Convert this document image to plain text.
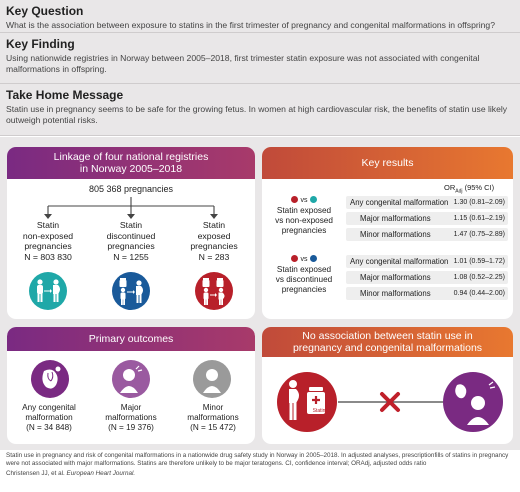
Key Question

What is the association between exposure to statins in the first trimester of pregnancy and congenital malformations in offspring?

Key Finding

Using nationwide registries in Norway between 2005–2018, first trimester statin exposure was not associated with congenital malformations in offspring.

Take Home Message

Statin use in pregnancy seems to be safe for the growing fetus. In women at high cardiovascular risk, the benefits of statin use likely outweigh potential risks.

Linkage of four national registries
in Norway 2005–2018
805 368 pregnancies
Statin
non-exposed
pregnancies
N = 803 830
Statin
discontinued
pregnancies
N = 1255
Statin
exposed
pregnancies
N = 283
Key results
$OR_{Adj}$ (95% CI)
vs
Statin exposed
vs non-exposed
pregnancies
Any congenital malformation 1.30 (0.81–2.09)
Major malformations	1.15 (0.61–2.19)
Minor malformations	1.47 (0.75–2.89)
vs
Statin exposed
vs discontinued
pregnancies
Any congenital malformation 1.01 (0.59–1.72)
Major malformations	1.08 (0.52–2.25)
Minor malformations	0.94 (0.44–2.00)
Primary outcomes
Any congenital
malformation
(N = 34 848)
Major
malformations
(N = 19 376)
Minor
malformations
(N = 15 472)
No association between statin use in
pregnancy and congenital malformations
Statin
Statin use in pregnancy and risk of congenital malformations in a nationwide drug safety study in Norway in 2005–2018. In adjusted analyses, prescriptionfills of statins in pregnancy were not associated with major malformations. Statins are therefore unlikely to be major teratogens. CI, confidence interval; ORAdj, adjusted odds ratio
Christensen JJ, et al. European Heart Journal.
